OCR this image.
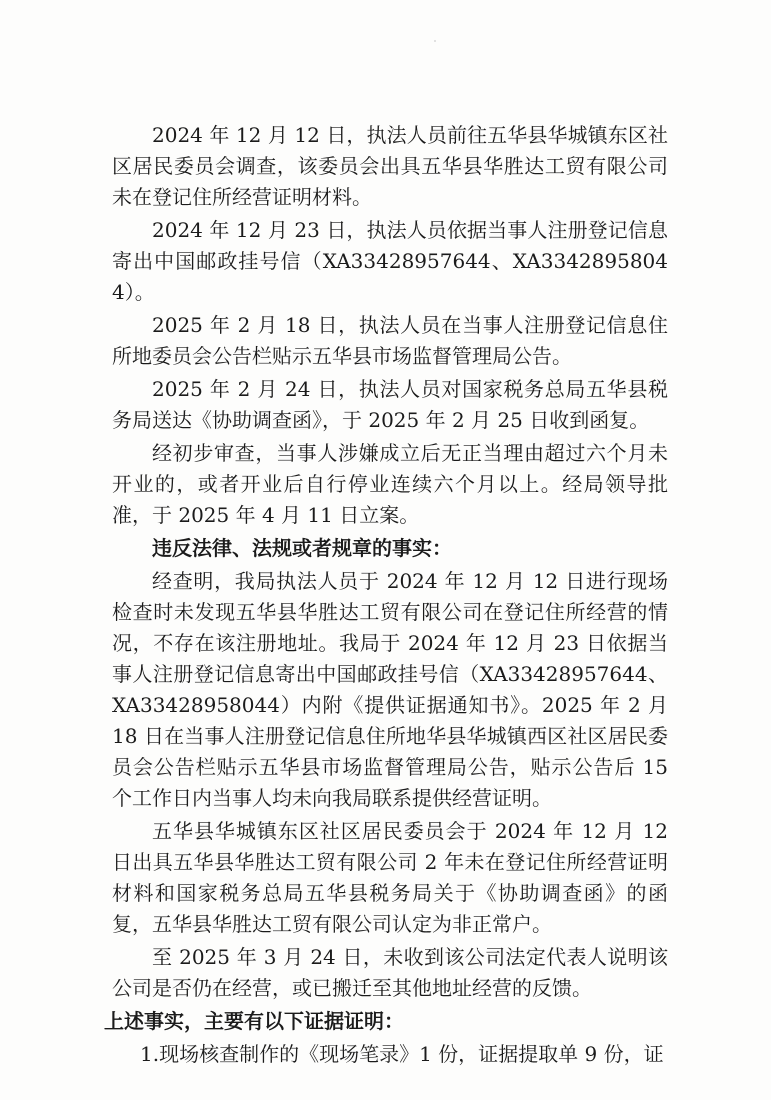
2024 年 12 月 12 日，执法人员前往五华县华城镇东区社区居民委员会调查，该委员会出具五华县华胜达工贸有限公司未在登记住所经营证明材料。

2024 年 12 月 23 日，执法人员依据当事人注册登记信息寄出中国邮政挂号信（XA33428957644、XA33428958044）。

2025 年 2 月 18 日，执法人员在当事人注册登记信息住所地委员会公告栏贴示五华县市场监督管理局公告。

2025 年 2 月 24 日，执法人员对国家税务总局五华县税务局送达《协助调查函》，于 2025 年 2 月 25 日收到函复。

经初步审查，当事人涉嫌成立后无正当理由超过六个月未开业的，或者开业后自行停业连续六个月以上。经局领导批准，于 2025 年 4 月 11 日立案。

违反法律、法规或者规章的事实：

经查明，我局执法人员于 2024 年 12 月 12 日进行现场检查时未发现五华县华胜达工贸有限公司在登记住所经营的情况，不存在该注册地址。我局于 2024 年 12 月 23 日依据当事人注册登记信息寄出中国邮政挂号信（XA33428957644、XA33428958044）内附《提供证据通知书》。2025 年 2 月 18 日在当事人注册登记信息住所地华县华城镇西区社区居民委员会公告栏贴示五华县市场监督管理局公告，贴示公告后 15 个工作日内当事人均未向我局联系提供经营证明。

五华县华城镇东区社区居民委员会于 2024 年 12 月 12 日出具五华县华胜达工贸有限公司 2 年未在登记住所经营证明材料和国家税务总局五华县税务局关于《协助调查函》的函复，五华县华胜达工贸有限公司认定为非正常户。

至 2025 年 3 月 24 日，未收到该公司法定代表人说明该公司是否仍在经营，或已搬迁至其他地址经营的反馈。

上述事实，主要有以下证据证明：

1.现场核查制作的《现场笔录》1 份，证据提取单 9 份，证
